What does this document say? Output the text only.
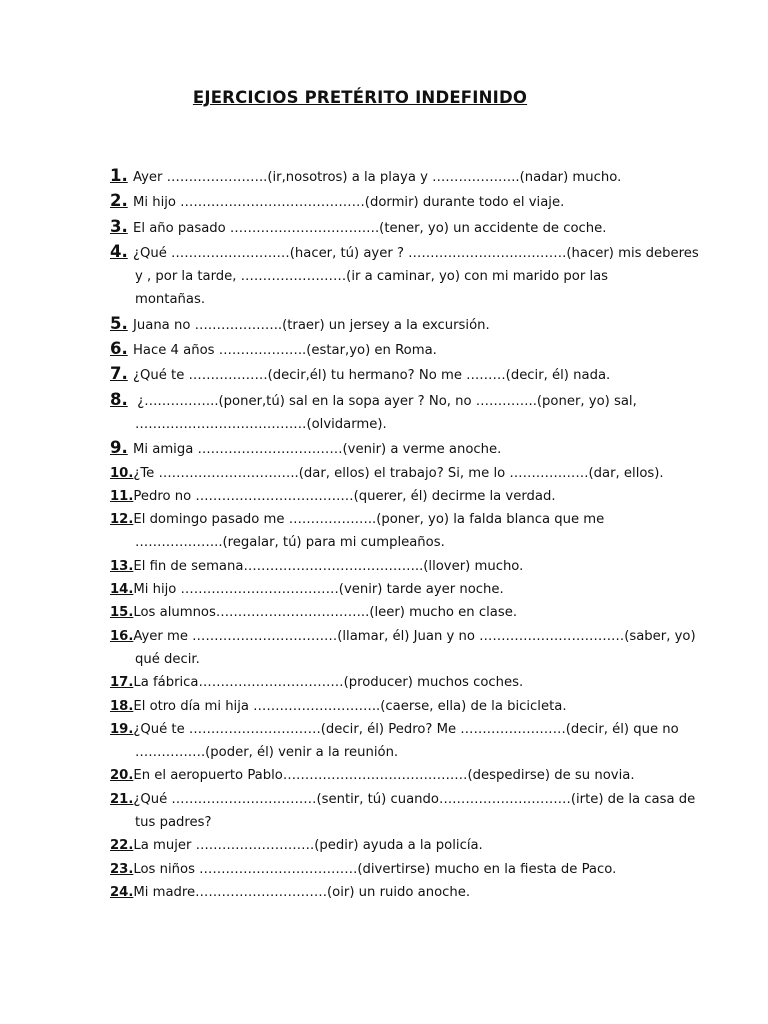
EJERCICIOS PRETÉRITO INDEFINIDO
1. Ayer …………………..(ir,nosotros) a la playa y ………………..(nadar) mucho.
2. Mi hijo ……………………………………(dormir) durante todo el viaje.
3. El año pasado …………………………….(tener, yo) un accidente de coche.
4. ¿Qué ………………………(hacer, tú) ayer ? ………………………………(hacer) mis deberes
y , por la tarde, ……………………(ir a caminar, yo) con mi marido por las
montañas.
5. Juana no ………………..(traer) un jersey a la excursión.
6. Hace 4 años ………………..(estar,yo) en Roma.
7. ¿Qué te ………………(decir,él) tu hermano? No me ………(decir, él) nada.
8. ¿……………..(poner,tú) sal en la sopa ayer ? No, no …………..(poner, yo) sal,
…………………………………(olvidarme).
9. Mi amiga ……………………………(venir) a verme anoche.
10.¿Te …………………………..(dar, ellos) el trabajo? Si, me lo ………………(dar, ellos).
11.Pedro no ………………………………(querer, él) decirme la verdad.
12.El domingo pasado me ………………..(poner, yo) la falda blanca que me
………………..(regalar, tú) para mi cumpleaños.
13.El fin de semana…………………………………..(llover) mucho.
14.Mi hijo ………………………………(venir) tarde ayer noche.
15.Los alumnos……………………………..(leer) mucho en clase.
16.Ayer me ……………………………(llamar, él) Juan y no ……………………………(saber, yo)
qué decir.
17.La fábrica……………………………(producer) muchos coches.
18.El otro día mi hija ………………………..(caerse, ella) de la bicicleta.
19.¿Qué te …………………………(decir, él) Pedro? Me ……………………(decir, él) que no
…………….(poder, él) venir a la reunión.
20.En el aeropuerto Pablo……………………………………(despedirse) de su novia.
21.¿Qué ……………………………(sentir, tú) cuando…………………………(irte) de la casa de
tus padres?
22.La mujer ………………………(pedir) ayuda a la policía.
23.Los niños ………………………………(divertirse) mucho en la fiesta de Paco.
24.Mi madre…………………………(oir) un ruido anoche.
